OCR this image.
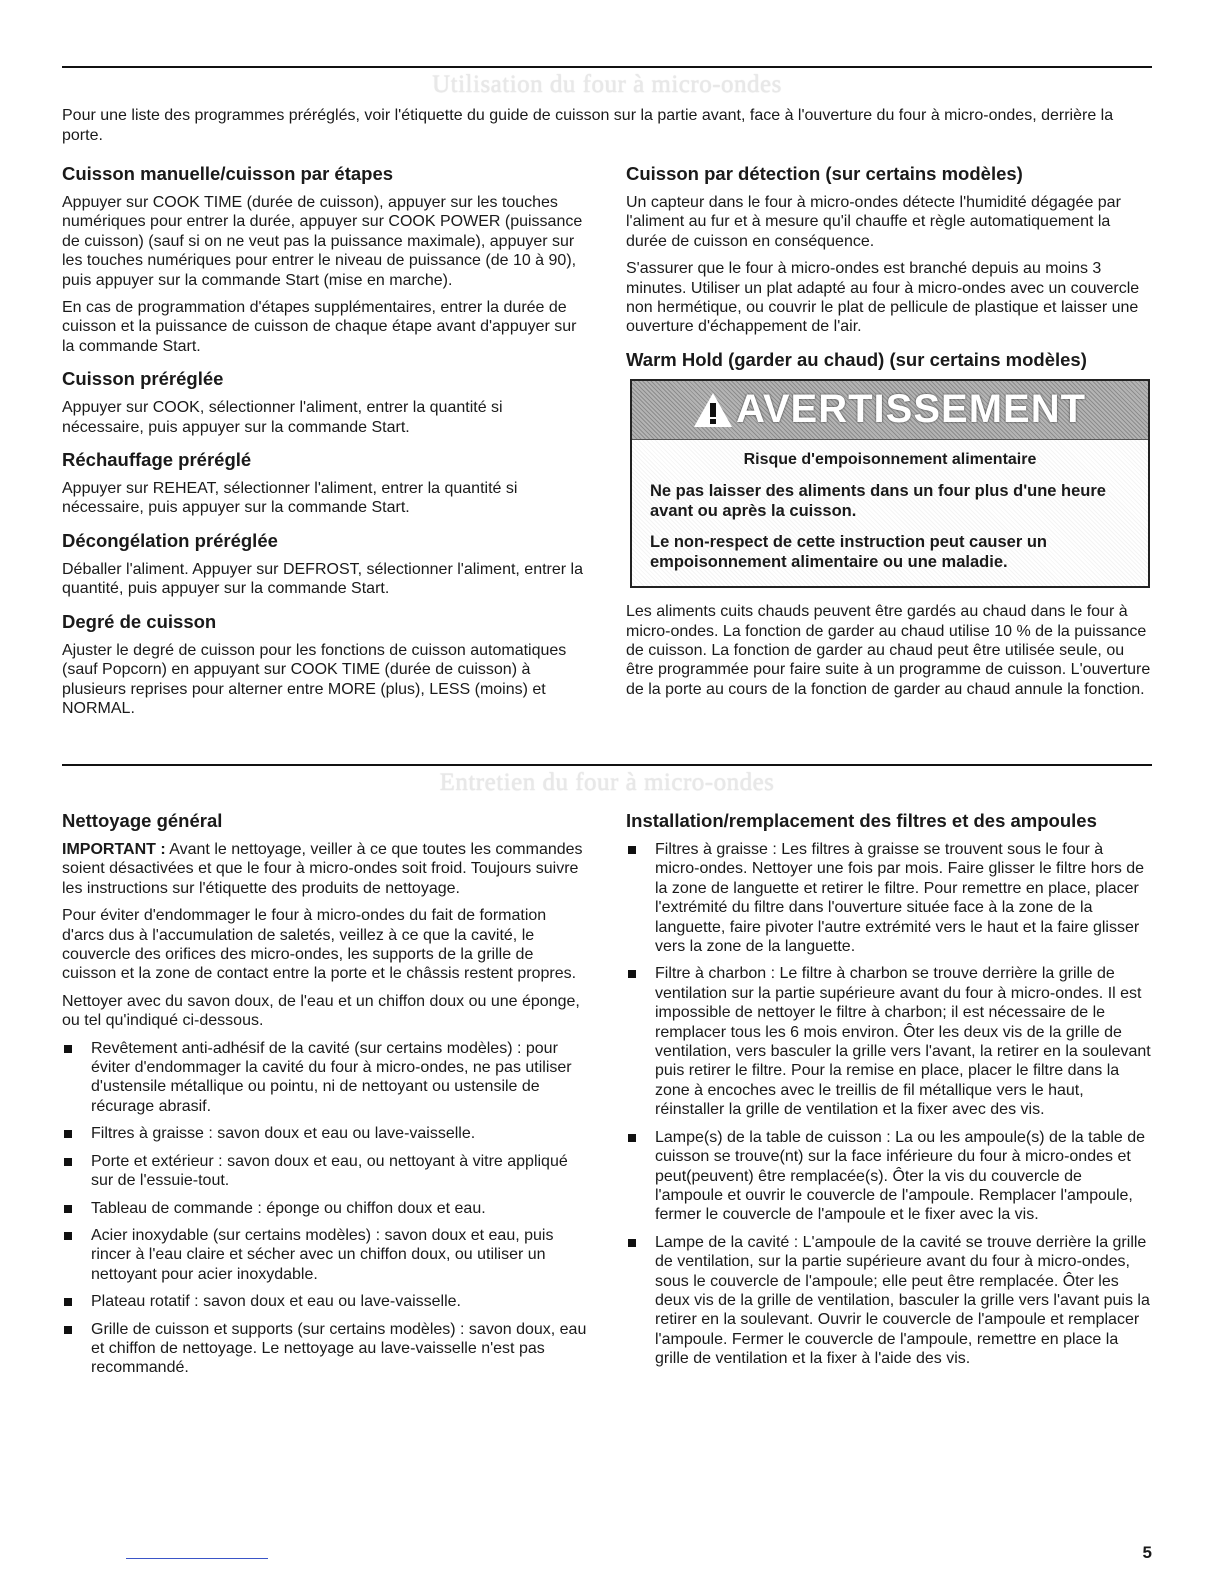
Utilisation du four à micro-ondes

Pour une liste des programmes préréglés, voir l'étiquette du guide de cuisson sur la partie avant, face à l'ouverture du four à micro-ondes, derrière la porte.

Cuisson manuelle/cuisson par étapes

Appuyer sur COOK TIME (durée de cuisson), appuyer sur les touches numériques pour entrer la durée, appuyer sur COOK POWER (puissance de cuisson) (sauf si on ne veut pas la puissance maximale), appuyer sur les touches numériques pour entrer le niveau de puissance (de 10 à 90), puis appuyer sur la commande Start (mise en marche).

En cas de programmation d'étapes supplémentaires, entrer la durée de cuisson et la puissance de cuisson de chaque étape avant d'appuyer sur la commande Start.

Cuisson préréglée

Appuyer sur COOK, sélectionner l'aliment, entrer la quantité si nécessaire, puis appuyer sur la commande Start.

Réchauffage préréglé

Appuyer sur REHEAT, sélectionner l'aliment, entrer la quantité si nécessaire, puis appuyer sur la commande Start.

Décongélation préréglée

Déballer l'aliment. Appuyer sur DEFROST, sélectionner l'aliment, entrer la quantité, puis appuyer sur la commande Start.

Degré de cuisson

Ajuster le degré de cuisson pour les fonctions de cuisson automatiques (sauf Popcorn) en appuyant sur COOK TIME (durée de cuisson) à plusieurs reprises pour alterner entre MORE (plus), LESS (moins) et NORMAL.

Cuisson par détection (sur certains modèles)

Un capteur dans le four à micro-ondes détecte l'humidité dégagée par l'aliment au fur et à mesure qu'il chauffe et règle automatiquement la durée de cuisson en conséquence.

S'assurer que le four à micro-ondes est branché depuis au moins 3 minutes. Utiliser un plat adapté au four à micro-ondes avec un couvercle non hermétique, ou couvrir le plat de pellicule de plastique et laisser une ouverture d'échappement de l'air.

Warm Hold (garder au chaud) (sur certains modèles)
AVERTISSEMENT

Risque d'empoisonnement alimentaire

Ne pas laisser des aliments dans un four plus d'une heure avant ou après la cuisson.

Le non-respect de cette instruction peut causer un empoisonnement alimentaire ou une maladie.

Les aliments cuits chauds peuvent être gardés au chaud dans le four à micro-ondes. La fonction de garder au chaud utilise 10 % de la puissance de cuisson. La fonction de garder au chaud peut être utilisée seule, ou être programmée pour faire suite à un programme de cuisson. L'ouverture de la porte au cours de la fonction de garder au chaud annule la fonction.

Entretien du four à micro-ondes
Nettoyage général

IMPORTANT : Avant le nettoyage, veiller à ce que toutes les commandes soient désactivées et que le four à micro-ondes soit froid. Toujours suivre les instructions sur l'étiquette des produits de nettoyage.

Pour éviter d'endommager le four à micro-ondes du fait de formation d'arcs dus à l'accumulation de saletés, veillez à ce que la cavité, le couvercle des orifices des micro-ondes, les supports de la grille de cuisson et la zone de contact entre la porte et le châssis restent propres.

Nettoyer avec du savon doux, de l'eau et un chiffon doux ou une éponge, ou tel qu'indiqué ci-dessous.

Revêtement anti-adhésif de la cavité (sur certains modèles) : pour éviter d'endommager la cavité du four à micro-ondes, ne pas utiliser d'ustensile métallique ou pointu, ni de nettoyant ou ustensile de récurage abrasif.
Filtres à graisse : savon doux et eau ou lave-vaisselle.
Porte et extérieur : savon doux et eau, ou nettoyant à vitre appliqué sur de l'essuie-tout.
Tableau de commande : éponge ou chiffon doux et eau.
Acier inoxydable (sur certains modèles) : savon doux et eau, puis rincer à l'eau claire et sécher avec un chiffon doux, ou utiliser un nettoyant pour acier inoxydable.
Plateau rotatif : savon doux et eau ou lave-vaisselle.
Grille de cuisson et supports (sur certains modèles) : savon doux, eau et chiffon de nettoyage. Le nettoyage au lave-vaisselle n'est pas recommandé.
Installation/remplacement des filtres et des ampoules
Filtres à graisse : Les filtres à graisse se trouvent sous le four à micro-ondes. Nettoyer une fois par mois. Faire glisser le filtre hors de la zone de languette et retirer le filtre. Pour remettre en place, placer l'extrémité du filtre dans l'ouverture située face à la zone de la languette, faire pivoter l'autre extrémité vers le haut et la faire glisser vers la zone de la languette.
Filtre à charbon : Le filtre à charbon se trouve derrière la grille de ventilation sur la partie supérieure avant du four à micro-ondes. Il est impossible de nettoyer le filtre à charbon; il est nécessaire de le remplacer tous les 6 mois environ. Ôter les deux vis de la grille de ventilation, vers basculer la grille vers l'avant, la retirer en la soulevant puis retirer le filtre. Pour la remise en place, placer le filtre dans la zone à encoches avec le treillis de fil métallique vers le haut, réinstaller la grille de ventilation et la fixer avec des vis.
Lampe(s) de la table de cuisson : La ou les ampoule(s) de la table de cuisson se trouve(nt) sur la face inférieure du four à micro-ondes et peut(peuvent) être remplacée(s). Ôter la vis du couvercle de l'ampoule et ouvrir le couvercle de l'ampoule. Remplacer l'ampoule, fermer le couvercle de l'ampoule et le fixer avec la vis.
Lampe de la cavité : L'ampoule de la cavité se trouve derrière la grille de ventilation, sur la partie supérieure avant du four à micro-ondes, sous le couvercle de l'ampoule; elle peut être remplacée. Ôter les deux vis de la grille de ventilation, basculer la grille vers l'avant puis la retirer en la soulevant. Ouvrir le couvercle de l'ampoule et remplacer l'ampoule. Fermer le couvercle de l'ampoule, remettre en place la grille de ventilation et la fixer à l'aide des vis.
5
